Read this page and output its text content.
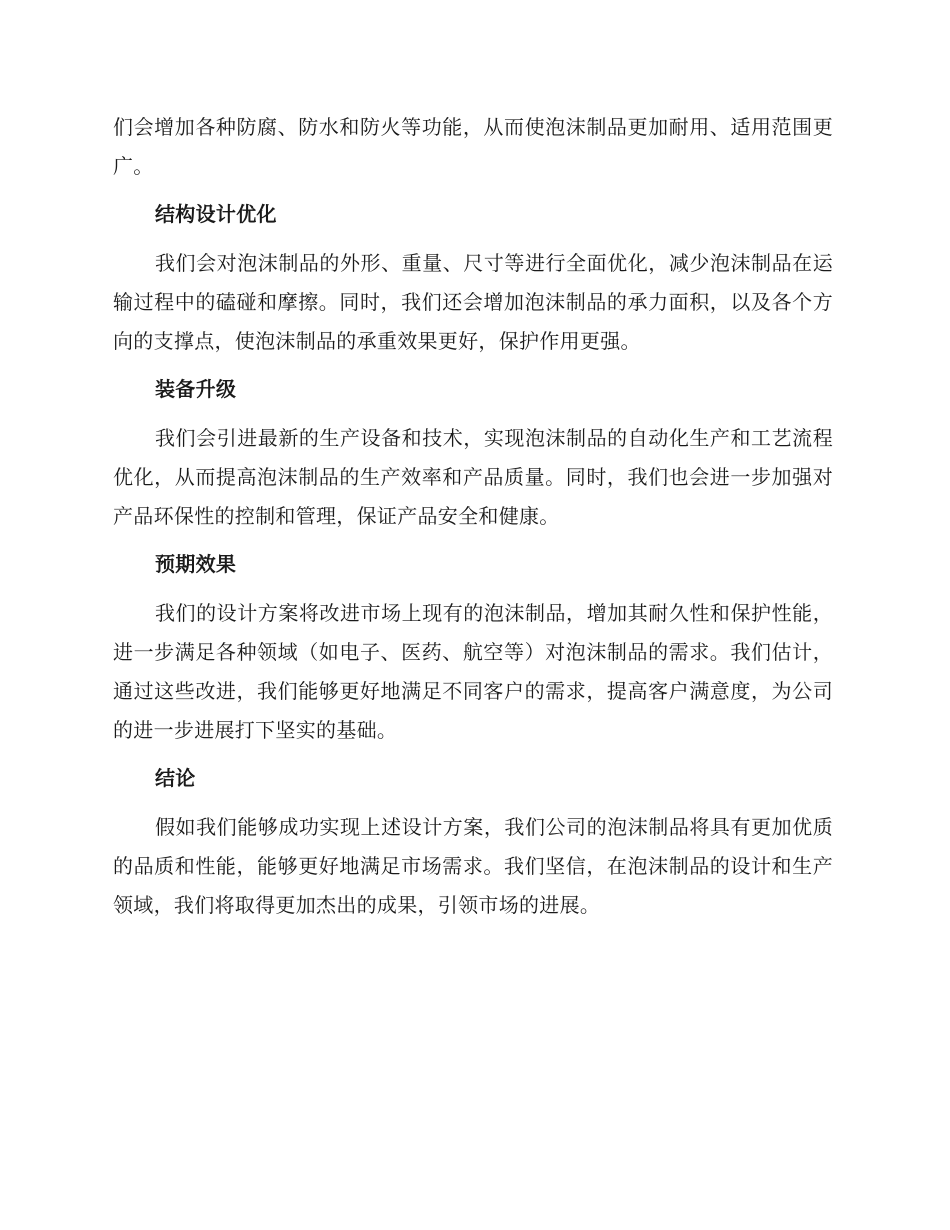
们会增加各种防腐、防水和防火等功能，从而使泡沫制品更加耐用、适用范围更广。

结构设计优化

我们会对泡沫制品的外形、重量、尺寸等进行全面优化，减少泡沫制品在运输过程中的磕碰和摩擦。同时，我们还会增加泡沫制品的承力面积，以及各个方向的支撑点，使泡沫制品的承重效果更好，保护作用更强。

装备升级

我们会引进最新的生产设备和技术，实现泡沫制品的自动化生产和工艺流程优化，从而提高泡沫制品的生产效率和产品质量。同时，我们也会进一步加强对产品环保性的控制和管理，保证产品安全和健康。

预期效果

我们的设计方案将改进市场上现有的泡沫制品，增加其耐久性和保护性能，进一步满足各种领域（如电子、医药、航空等）对泡沫制品的需求。我们估计，通过这些改进，我们能够更好地满足不同客户的需求，提高客户满意度，为公司的进一步进展打下坚实的基础。

结论

假如我们能够成功实现上述设计方案，我们公司的泡沫制品将具有更加优质的品质和性能，能够更好地满足市场需求。我们坚信，在泡沫制品的设计和生产领域，我们将取得更加杰出的成果，引领市场的进展。
